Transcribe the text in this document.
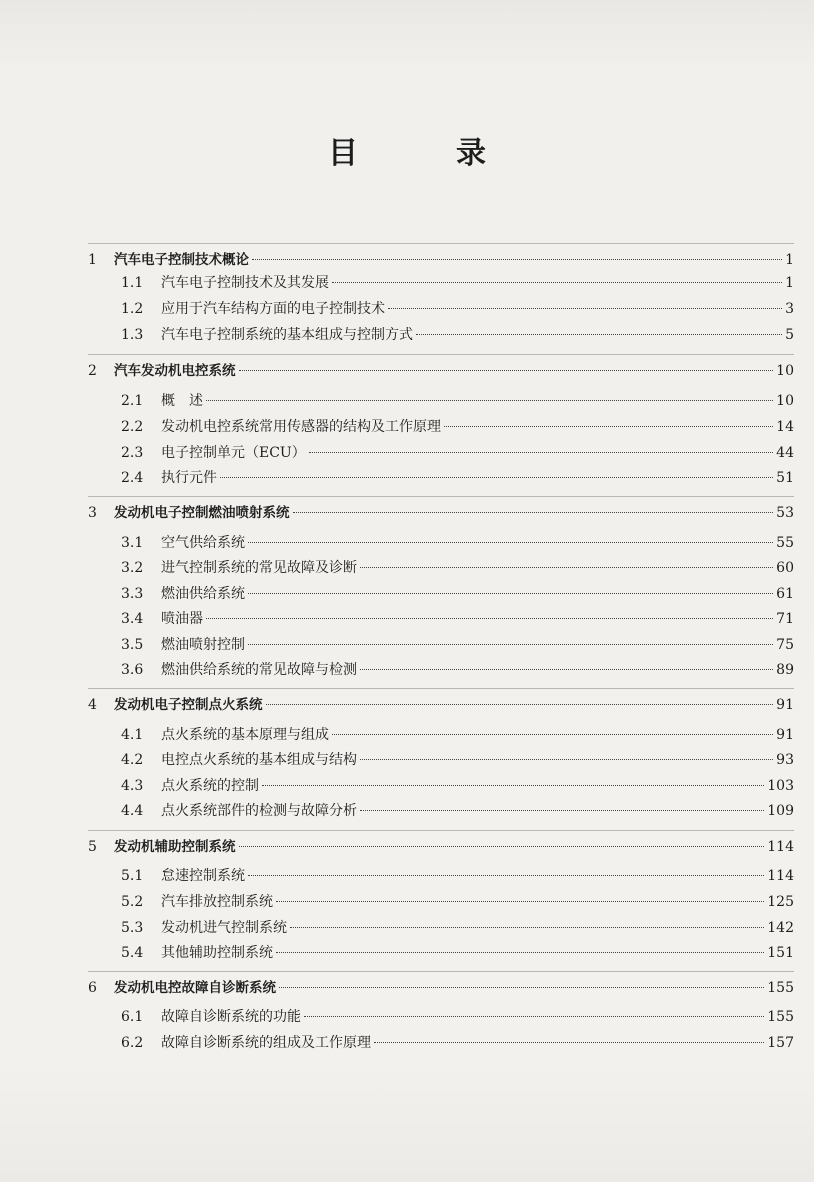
目　录
1	汽车电子控制技术概论	1
1.1	汽车电子控制技术及其发展	1
1.2	应用于汽车结构方面的电子控制技术	3
1.3	汽车电子控制系统的基本组成与控制方式	5
2	汽车发动机电控系统	10
2.1	概　述	10
2.2	发动机电控系统常用传感器的结构及工作原理	14
2.3	电子控制单元（ECU）	44
2.4	执行元件	51
3	发动机电子控制燃油喷射系统	53
3.1	空气供给系统	55
3.2	进气控制系统的常见故障及诊断	60
3.3	燃油供给系统	61
3.4	喷油器	71
3.5	燃油喷射控制	75
3.6	燃油供给系统的常见故障与检测	89
4	发动机电子控制点火系统	91
4.1	点火系统的基本原理与组成	91
4.2	电控点火系统的基本组成与结构	93
4.3	点火系统的控制	103
4.4	点火系统部件的检测与故障分析	109
5	发动机辅助控制系统	114
5.1	怠速控制系统	114
5.2	汽车排放控制系统	125
5.3	发动机进气控制系统	142
5.4	其他辅助控制系统	151
6	发动机电控故障自诊断系统	155
6.1	故障自诊断系统的功能	155
6.2	故障自诊断系统的组成及工作原理	157
